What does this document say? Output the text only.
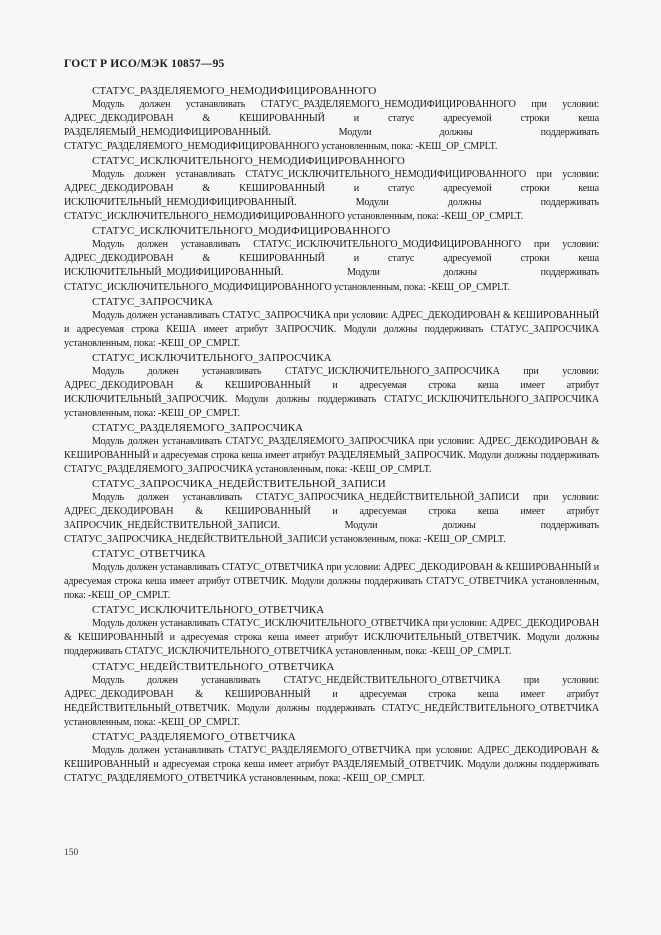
ГОСТ Р ИСО/МЭК 10857—95
СТАТУС_РАЗДЕЛЯЕМОГО_НЕМОДИФИЦИРОВАННОГО
Модуль должен устанавливать СТАТУС_РАЗДЕЛЯЕМОГО_НЕМОДИФИЦИРОВАННОГО при условии: АДРЕС_ДЕКОДИРОВАН & КЕШИРОВАННЫЙ и статус адресуемой строки кеша РАЗДЕЛЯЕМЫЙ_НЕМОДИФИЦИРОВАННЫЙ. Модули должны поддерживать СТАТУС_РАЗДЕЛЯЕМОГО_НЕМОДИФИЦИРОВАННОГО установленным, пока: -КЕШ_ОР_CMPLT.
СТАТУС_ИСКЛЮЧИТЕЛЬНОГО_НЕМОДИФИЦИРОВАННОГО
Модуль должен устанавливать СТАТУС_ИСКЛЮЧИТЕЛЬНОГО_НЕМОДИФИЦИРОВАННОГО при условии: АДРЕС_ДЕКОДИРОВАН & КЕШИРОВАННЫЙ и статус адресуемой строки кеша ИСКЛЮЧИТЕЛЬНЫЙ_НЕМОДИФИЦИРОВАННЫЙ. Модули должны поддерживать СТАТУС_ИСКЛЮЧИТЕЛЬНОГО_НЕМОДИФИЦИРОВАННОГО установленным, пока: -КЕШ_ОР_CMPLT.
СТАТУС_ИСКЛЮЧИТЕЛЬНОГО_МОДИФИЦИРОВАННОГО
Модуль должен устанавливать СТАТУС_ИСКЛЮЧИТЕЛЬНОГО_МОДИФИЦИРОВАННОГО при условии: АДРЕС_ДЕКОДИРОВАН & КЕШИРОВАННЫЙ и статус адресуемой строки кеша ИСКЛЮЧИТЕЛЬНЫЙ_МОДИФИЦИРОВАННЫЙ. Модули должны поддерживать СТАТУС_ИСКЛЮЧИТЕЛЬНОГО_МОДИФИЦИРОВАННОГО установленным, пока: -КЕШ_ОР_CMPLT.
СТАТУС_ЗАПРОСЧИКА
Модуль должен устанавливать СТАТУС_ЗАПРОСЧИКА при условии: АДРЕС_ДЕКОДИРОВАН & КЕШИРОВАННЫЙ и адресуемая строка КЕША имеет атрибут ЗАПРОСЧИК. Модули должны поддерживать СТАТУС_ЗАПРОСЧИКА установленным, пока: -КЕШ_ОР_CMPLT.
СТАТУС_ИСКЛЮЧИТЕЛЬНОГО_ЗАПРОСЧИКА
Модуль должен устанавливать СТАТУС_ИСКЛЮЧИТЕЛЬНОГО_ЗАПРОСЧИКА при условии: АДРЕС_ДЕКОДИРОВАН & КЕШИРОВАННЫЙ и адресуемая строка кеша имеет атрибут ИСКЛЮЧИТЕЛЬНЫЙ_ЗАПРОСЧИК. Модули должны поддерживать СТАТУС_ИСКЛЮЧИТЕЛЬНОГО_ЗАПРОСЧИКА установленным, пока: -КЕШ_ОР_CMPLT.
СТАТУС_РАЗДЕЛЯЕМОГО_ЗАПРОСЧИКА
Модуль должен устанавливать СТАТУС_РАЗДЕЛЯЕМОГО_ЗАПРОСЧИКА при условии: АДРЕС_ДЕКОДИРОВАН & КЕШИРОВАННЫЙ и адресуемая строка кеша имеет атрибут РАЗДЕЛЯЕМЫЙ_ЗАПРОСЧИК. Модули должны поддерживать СТАТУС_РАЗДЕЛЯЕМОГО_ЗАПРОСЧИКА установленным, пока: -КЕШ_ОР_CMPLT.
СТАТУС_ЗАПРОСЧИКА_НЕДЕЙСТВИТЕЛЬНОЙ_ЗАПИСИ
Модуль должен устанавливать СТАТУС_ЗАПРОСЧИКА_НЕДЕЙСТВИТЕЛЬНОЙ_ЗАПИСИ при условии: АДРЕС_ДЕКОДИРОВАН & КЕШИРОВАННЫЙ и адресуемая строка кеша имеет атрибут ЗАПРОСЧИК_НЕДЕЙСТВИТЕЛЬНОЙ_ЗАПИСИ. Модули должны поддерживать СТАТУС_ЗАПРОСЧИКА_НЕДЕЙСТВИТЕЛЬНОЙ_ЗАПИСИ установленным, пока: -КЕШ_ОР_CMPLT.
СТАТУС_ОТВЕТЧИКА
Модуль должен устанавливать СТАТУС_ОТВЕТЧИКА при условии: АДРЕС_ДЕКОДИРОВАН & КЕШИРОВАННЫЙ и адресуемая строка кеша имеет атрибут ОТВЕТЧИК. Модули должны поддерживать СТАТУС_ОТВЕТЧИКА установленным, пока: -КЕШ_ОР_CMPLT.
СТАТУС_ИСКЛЮЧИТЕЛЬНОГО_ОТВЕТЧИКА
Модуль должен устанавливать СТАТУС_ИСКЛЮЧИТЕЛЬНОГО_ОТВЕТЧИКА при условии: АДРЕС_ДЕКОДИРОВАН & КЕШИРОВАННЫЙ и адресуемая строка кеша имеет атрибут ИСКЛЮЧИТЕЛЬНЫЙ_ОТВЕТЧИК. Модули должны поддерживать СТАТУС_ИСКЛЮЧИТЕЛЬНОГО_ОТВЕТЧИКА установленным, пока: -КЕШ_ОР_CMPLT.
СТАТУС_НЕДЕЙСТВИТЕЛЬНОГО_ОТВЕТЧИКА
Модуль должен устанавливать СТАТУС_НЕДЕЙСТВИТЕЛЬНОГО_ОТВЕТЧИКА при условии: АДРЕС_ДЕКОДИРОВАН & КЕШИРОВАННЫЙ и адресуемая строка кеша имеет атрибут НЕДЕЙСТВИТЕЛЬНЫЙ_ОТВЕТЧИК. Модули должны поддерживать СТАТУС_НЕДЕЙСТВИТЕЛЬНОГО_ОТВЕТЧИКА установленным, пока: -КЕШ_ОР_CMPLT.
СТАТУС_РАЗДЕЛЯЕМОГО_ОТВЕТЧИКА
Модуль должен устанавливать СТАТУС_РАЗДЕЛЯЕМОГО_ОТВЕТЧИКА при условии: АДРЕС_ДЕКОДИРОВАН & КЕШИРОВАННЫЙ и адресуемая строка кеша имеет атрибут РАЗДЕЛЯЕМЫЙ_ОТВЕТЧИК. Модули должны поддерживать СТАТУС_РАЗДЕЛЯЕМОГО_ОТВЕТЧИКА установленным, пока: -КЕШ_ОР_CMPLT.
150
